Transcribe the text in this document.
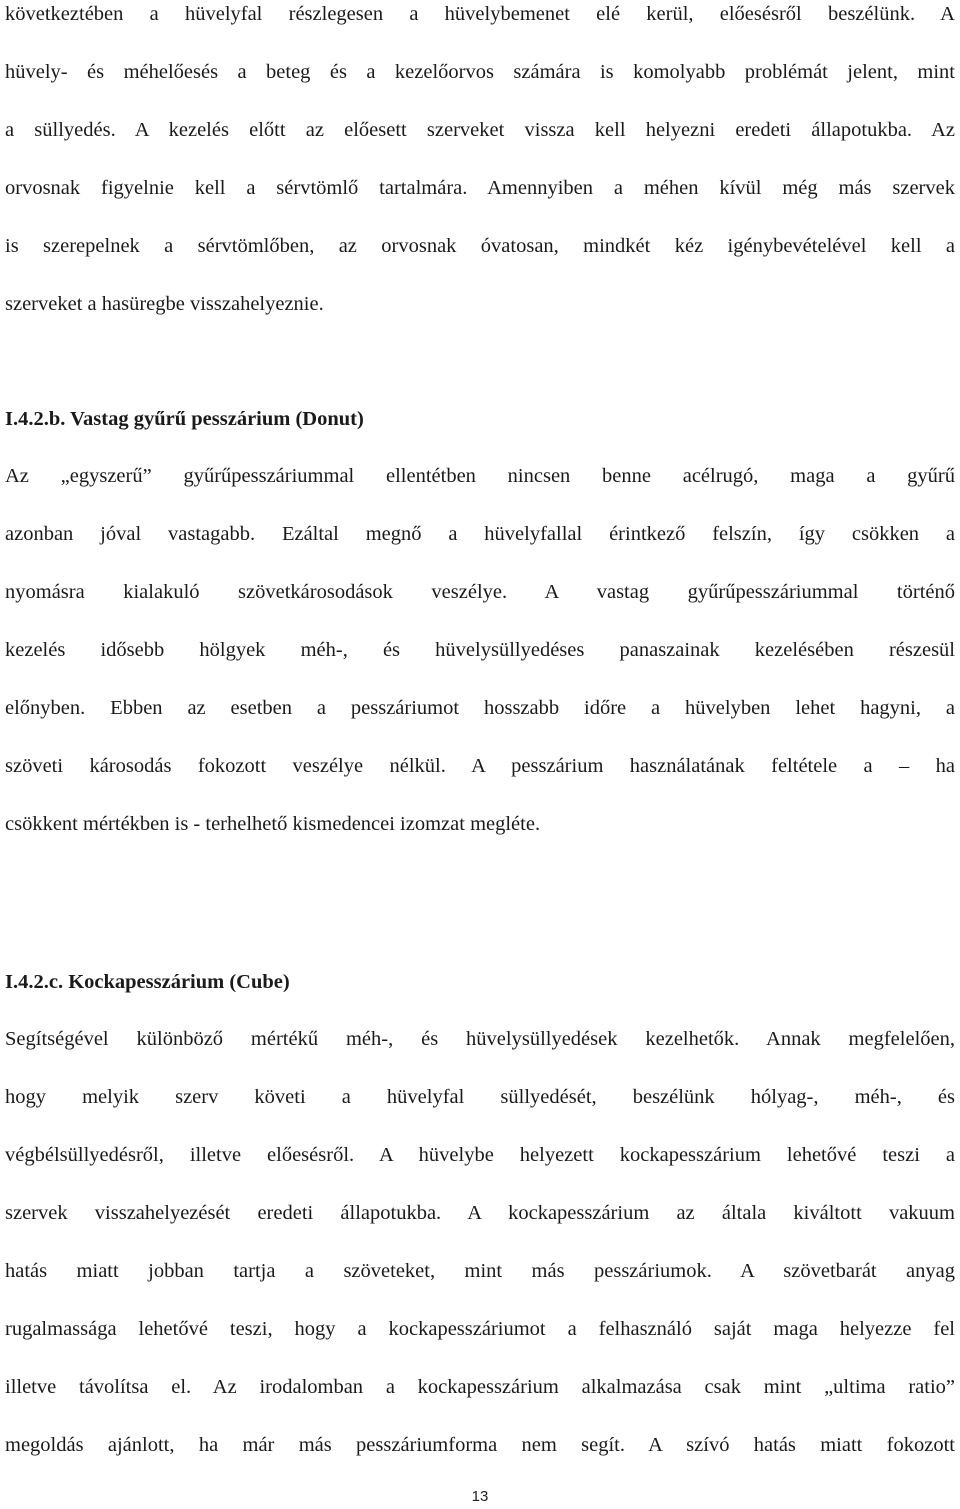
következtében a hüvelyfal részlegesen a hüvelybemenet elé kerül, előesésről beszélünk. A
hüvely- és méhelőesés a beteg és a kezelőorvos számára is komolyabb problémát jelent, mint
a süllyedés. A kezelés előtt az előesett szerveket vissza kell helyezni eredeti állapotukba. Az
orvosnak figyelnie kell a sérvtömlő tartalmára. Amennyiben a méhen kívül még más szervek
is szerepelnek a sérvtömlőben, az orvosnak óvatosan, mindkét kéz igénybevételével kell a
szerveket a hasüregbe visszahelyeznie.
I.4.2.b. Vastag gyűrű pesszárium (Donut)
Az „egyszerű” gyűrűpesszáriummal ellentétben nincsen benne acélrugó, maga a gyűrű
azonban jóval vastagabb. Ezáltal megnő a hüvelyfallal érintkező felszín, így csökken a
nyomásra kialakuló szövetkárosodások veszélye. A vastag gyűrűpesszáriummal történő
kezelés idősebb hölgyek méh-, és hüvelysüllyedéses panaszainak kezelésében részesül
előnyben. Ebben az esetben a pesszáriumot hosszabb időre a hüvelyben lehet hagyni, a
szöveti károsodás fokozott veszélye nélkül. A pesszárium használatának feltétele a – ha
csökkent mértékben is - terhelhető kismedencei izomzat megléte.
I.4.2.c. Kockapesszárium (Cube)
Segítségével különböző mértékű méh-, és hüvelysüllyedések kezelhetők. Annak megfelelően,
hogy melyik szerv követi a hüvelyfal süllyedését, beszélünk hólyag-, méh-, és
végbélsüllyedésről, illetve előesésről. A hüvelybe helyezett kockapesszárium lehetővé teszi a
szervek visszahelyezését eredeti állapotukba. A kockapesszárium az általa kiváltott vakuum
hatás miatt jobban tartja a szöveteket, mint más pesszáriumok. A szövetbarát anyag
rugalmassága lehetővé teszi, hogy a kockapesszáriumot a felhasználó saját maga helyezze fel
illetve távolítsa el. Az irodalomban a kockapesszárium alkalmazása csak mint „ultima ratio”
megoldás ajánlott, ha már más pesszáriumforma nem segít. A szívó hatás miatt fokozott
13
